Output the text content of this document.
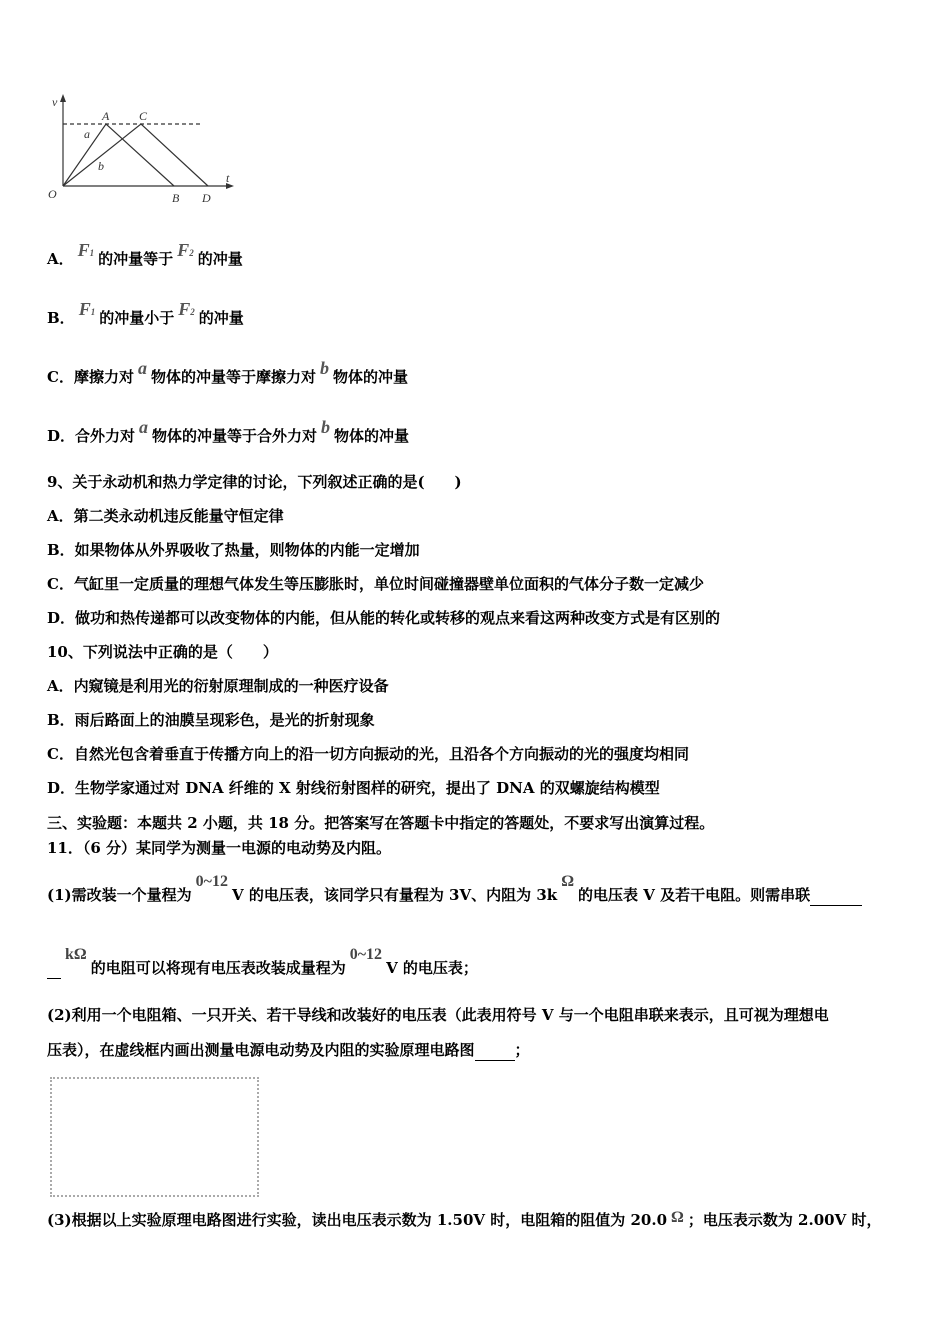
v
t
O
A C
B D
a
b
A． F1 的冲量等于 F2 的冲量
B． F1 的冲量小于 F2 的冲量
C．摩擦力对 a 物体的冲量等于摩擦力对 b 物体的冲量
D．合外力对 a 物体的冲量等于合外力对 b 物体的冲量
9、关于永动机和热力学定律的讨论，下列叙述正确的是(　　)
A．第二类永动机违反能量守恒定律
B．如果物体从外界吸收了热量，则物体的内能一定增加
C．气缸里一定质量的理想气体发生等压膨胀时，单位时间碰撞器壁单位面积的气体分子数一定减少
D．做功和热传递都可以改变物体的内能，但从能的转化或转移的观点来看这两种改变方式是有区别的
10、下列说法中正确的是（　　）
A．内窥镜是利用光的衍射原理制成的一种医疗设备
B．雨后路面上的油膜呈现彩色，是光的折射现象
C．自然光包含着垂直于传播方向上的沿一切方向振动的光，且沿各个方向振动的光的强度均相同
D．生物学家通过对 DNA 纤维的 X 射线衍射图样的研究，提出了 DNA 的双螺旋结构模型
三、实验题：本题共 2 小题，共 18 分。把答案写在答题卡中指定的答题处，不要求写出演算过程。
11．（6 分）某同学为测量一电源的电动势及内阻。
(1)需改装一个量程为0~12V 的电压表，该同学只有量程为 3V、内阻为 3kΩ的电压表 V 及若干电阻。则需串联
kΩ的电阻可以将现有电压表改装成量程为0~12V 的电压表；
(2)利用一个电阻箱、一只开关、若干导线和改装好的电压表（此表用符号 V 与一个电阻串联来表示，且可视为理想电
压表），在虚线框内画出测量电源电动势及内阻的实验原理电路图	；
(3)根据以上实验原理电路图进行实验，读出电压表示数为 1.50V 时，电阻箱的阻值为 20.0 Ω ；电压表示数为 2.00V 时，
